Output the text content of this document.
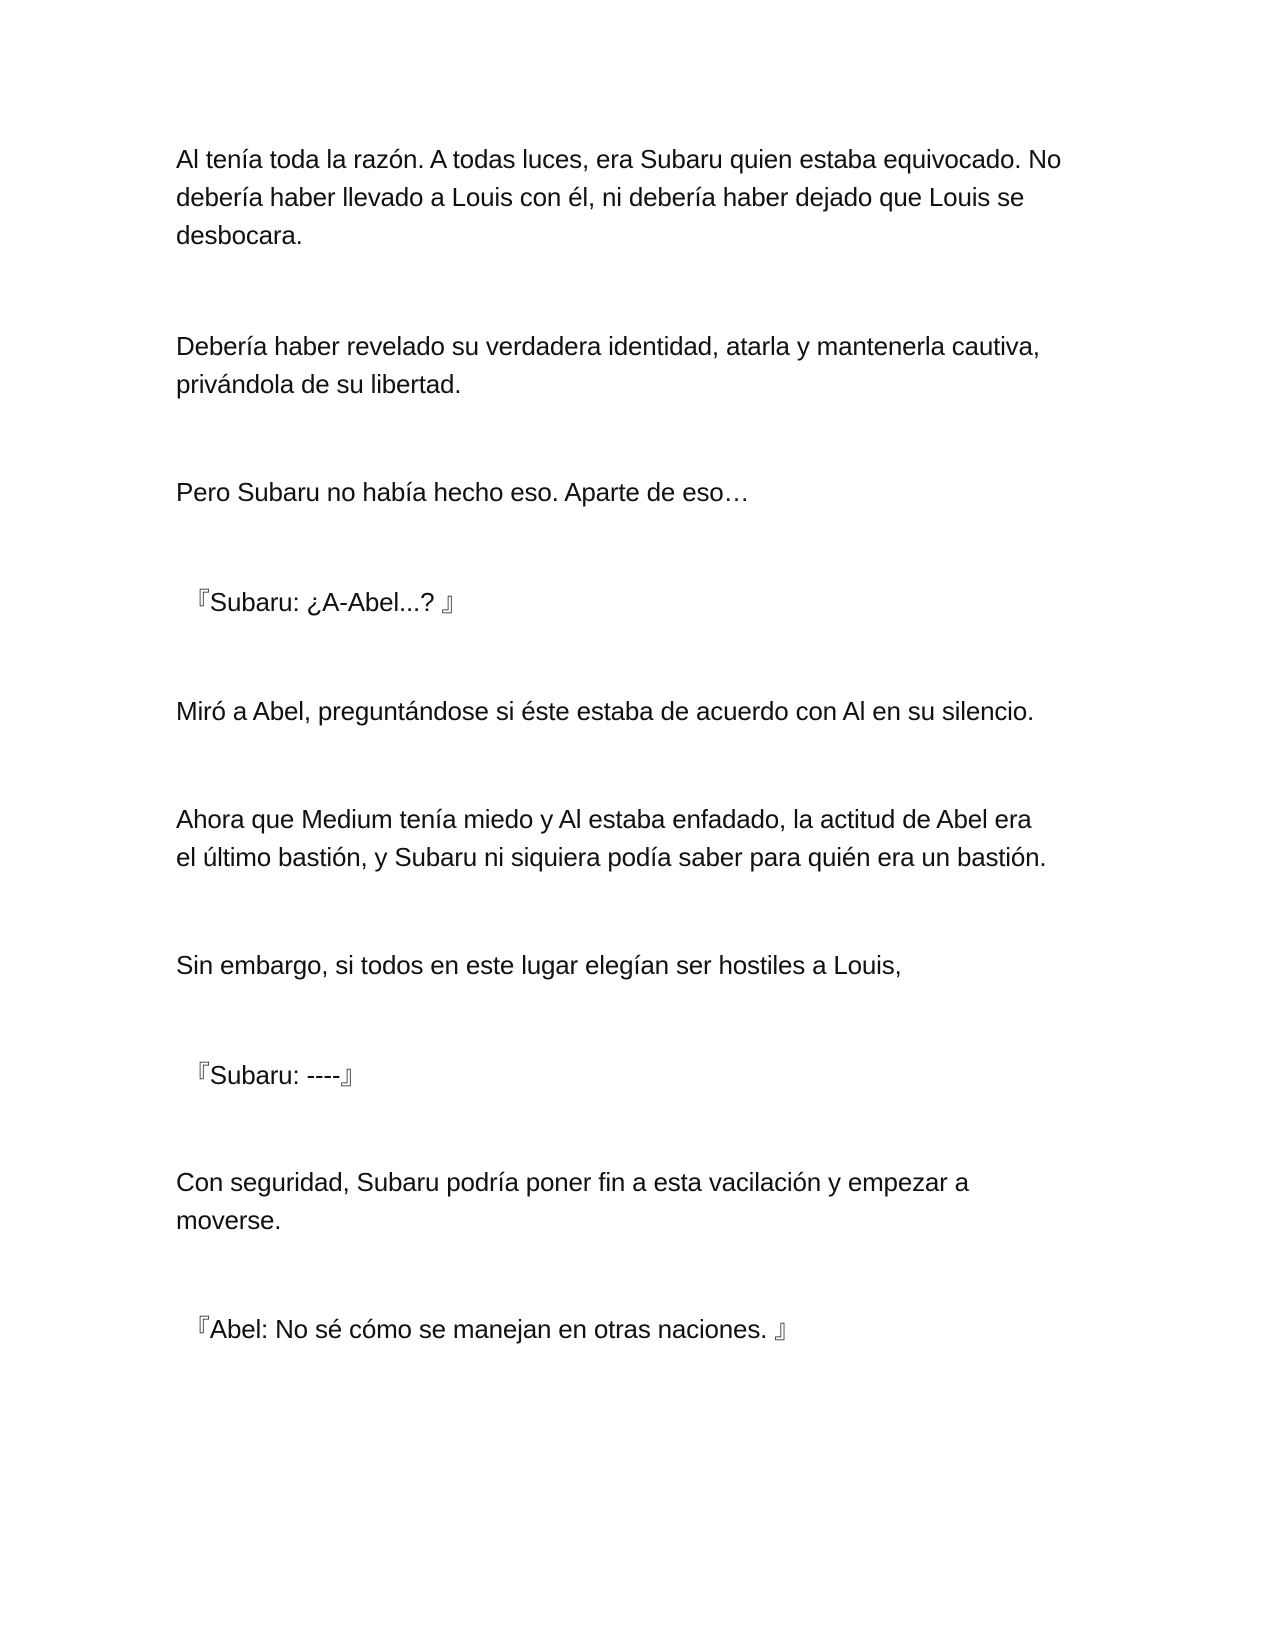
Al tenía toda la razón. A todas luces, era Subaru quien estaba equivocado. No
debería haber llevado a Louis con él, ni debería haber dejado que Louis se
desbocara.

Debería haber revelado su verdadera identidad, atarla y mantenerla cautiva,
privándola de su libertad.

Pero Subaru no había hecho eso. Aparte de eso…

『Subaru: ¿A-Abel...? 』

Miró a Abel, preguntándose si éste estaba de acuerdo con Al en su silencio.

Ahora que Medium tenía miedo y Al estaba enfadado, la actitud de Abel era
el último bastión, y Subaru ni siquiera podía saber para quién era un bastión.

Sin embargo, si todos en este lugar elegían ser hostiles a Louis,

『Subaru: ----』

Con seguridad, Subaru podría poner fin a esta vacilación y empezar a
moverse.

『Abel: No sé cómo se manejan en otras naciones. 』
